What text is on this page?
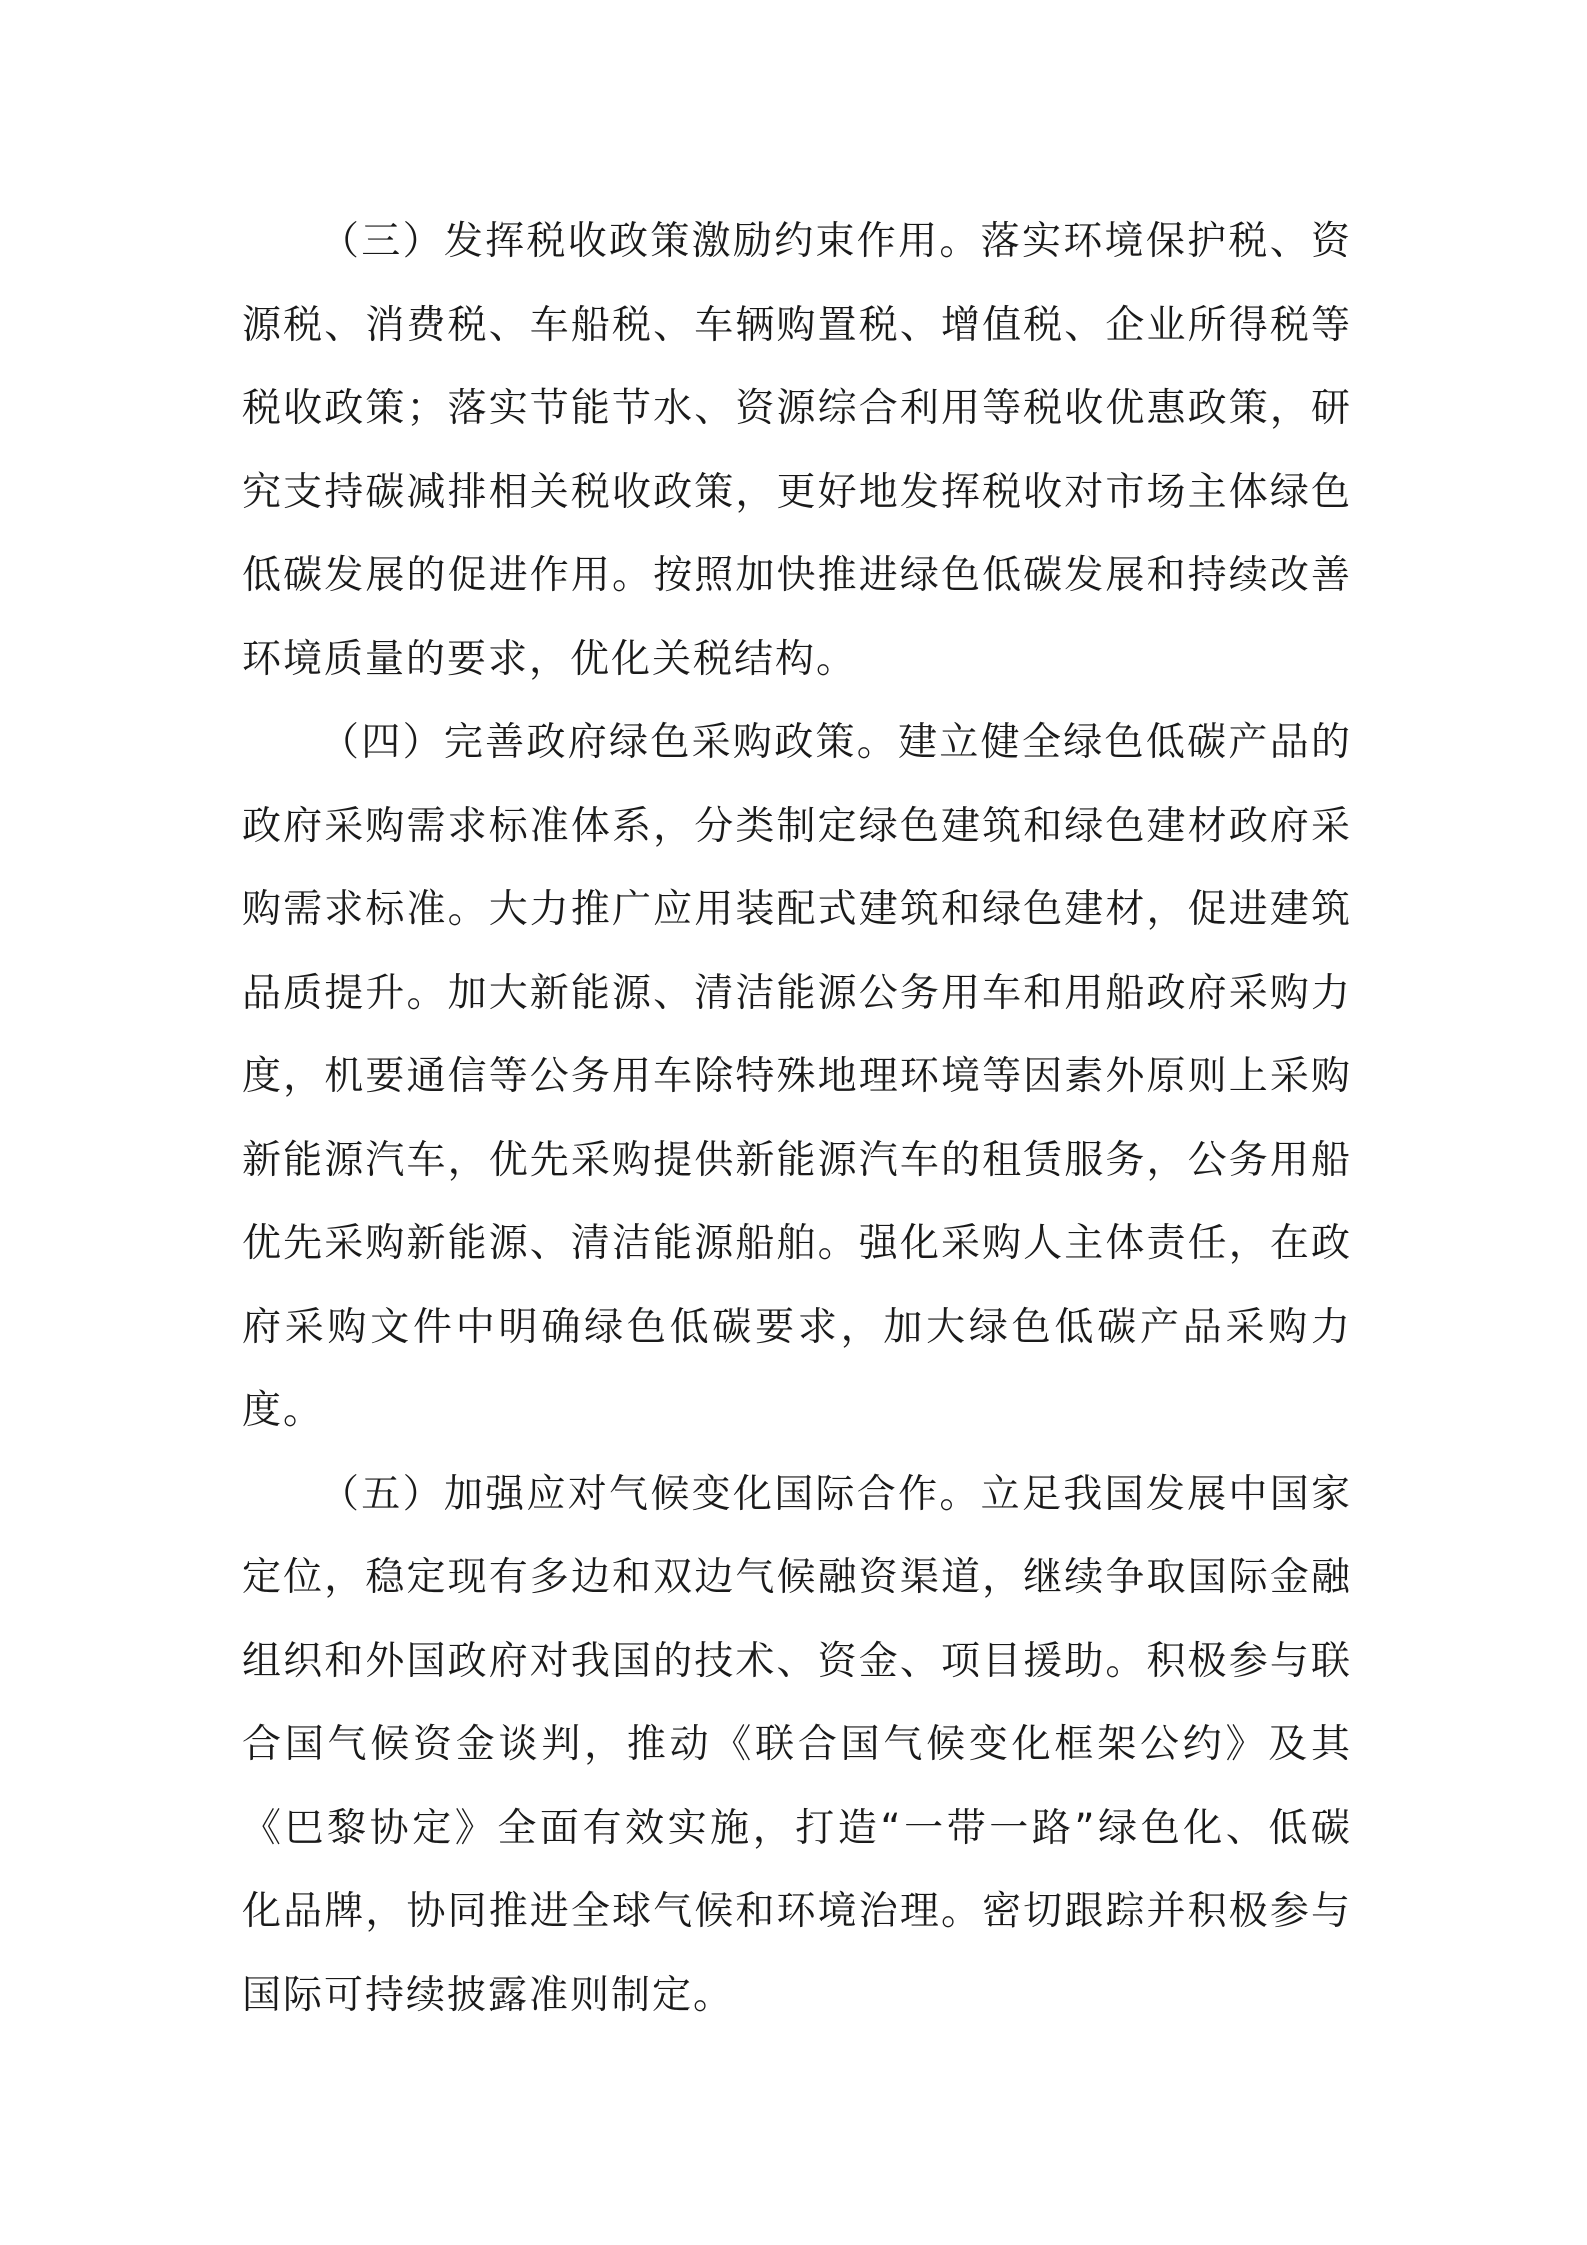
（三）发挥税收政策激励约束作用。落实环境保护税、资源税、消费税、车船税、车辆购置税、增值税、企业所得税等税收政策；落实节能节水、资源综合利用等税收优惠政策，研究支持碳减排相关税收政策，更好地发挥税收对市场主体绿色低碳发展的促进作用。按照加快推进绿色低碳发展和持续改善环境质量的要求，优化关税结构。

（四）完善政府绿色采购政策。建立健全绿色低碳产品的政府采购需求标准体系，分类制定绿色建筑和绿色建材政府采购需求标准。大力推广应用装配式建筑和绿色建材，促进建筑品质提升。加大新能源、清洁能源公务用车和用船政府采购力度，机要通信等公务用车除特殊地理环境等因素外原则上采购新能源汽车，优先采购提供新能源汽车的租赁服务，公务用船优先采购新能源、清洁能源船舶。强化采购人主体责任，在政府采购文件中明确绿色低碳要求，加大绿色低碳产品采购力度。

（五）加强应对气候变化国际合作。立足我国发展中国家定位，稳定现有多边和双边气候融资渠道，继续争取国际金融组织和外国政府对我国的技术、资金、项目援助。积极参与联合国气候资金谈判，推动《联合国气候变化框架公约》及其《巴黎协定》全面有效实施，打造“一带一路”绿色化、低碳化品牌，协同推进全球气候和环境治理。密切跟踪并积极参与国际可持续披露准则制定。
